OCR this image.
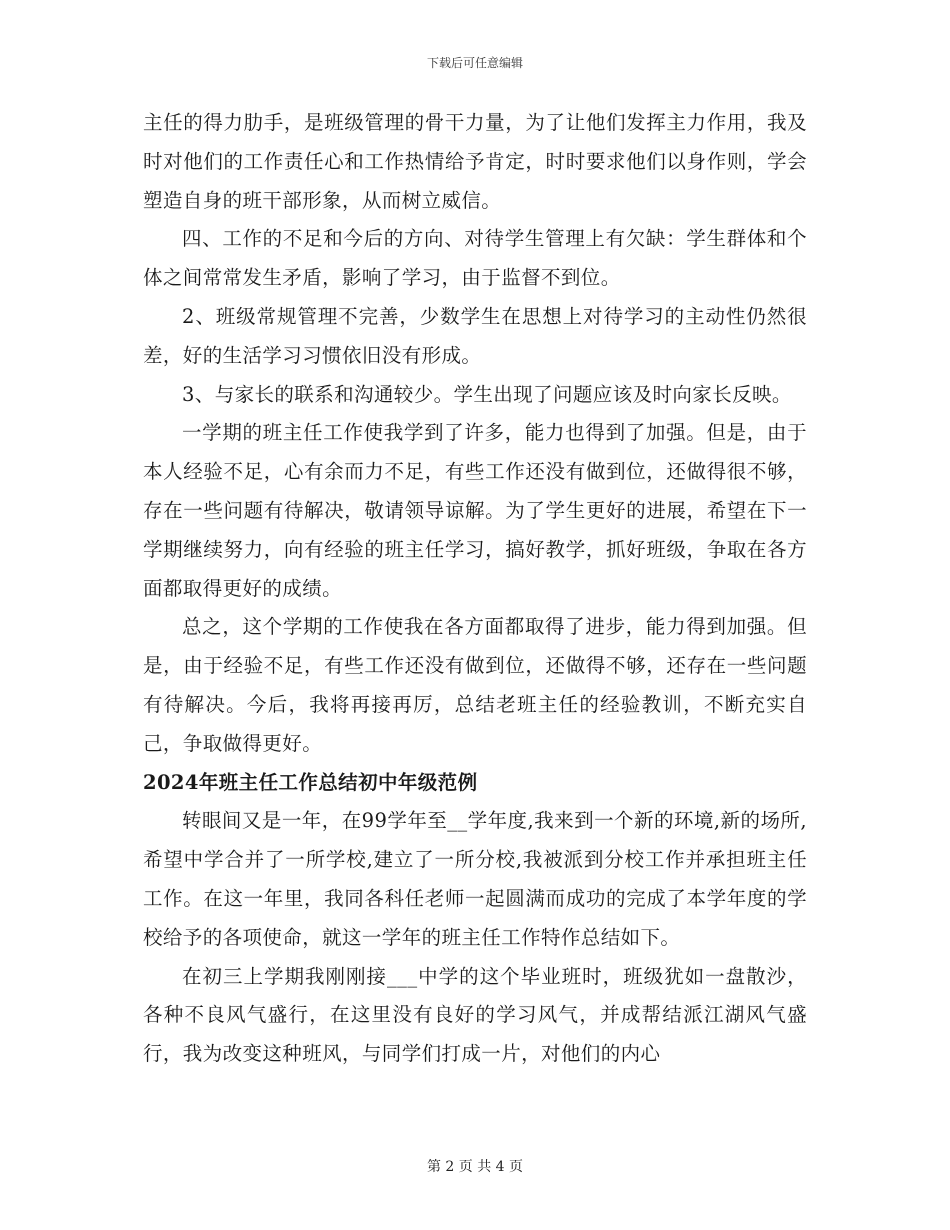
下载后可任意编辑

主任的得力肋手，是班级管理的骨干力量，为了让他们发挥主力作用，我及时对他们的工作责任心和工作热情给予肯定，时时要求他们以身作则，学会塑造自身的班干部形象，从而树立威信。

四、工作的不足和今后的方向、对待学生管理上有欠缺：学生群体和个体之间常常发生矛盾，影响了学习，由于监督不到位。

2、班级常规管理不完善，少数学生在思想上对待学习的主动性仍然很差，好的生活学习习惯依旧没有形成。

3、与家长的联系和沟通较少。学生出现了问题应该及时向家长反映。

一学期的班主任工作使我学到了许多，能力也得到了加强。但是，由于本人经验不足，心有余而力不足，有些工作还没有做到位，还做得很不够，存在一些问题有待解决，敬请领导谅解。为了学生更好的进展，希望在下一学期继续努力，向有经验的班主任学习，搞好教学，抓好班级，争取在各方面都取得更好的成绩。

总之，这个学期的工作使我在各方面都取得了进步，能力得到加强。但是，由于经验不足，有些工作还没有做到位，还做得不够，还存在一些问题有待解决。今后，我将再接再厉，总结老班主任的经验教训，不断充实自己，争取做得更好。

2024年班主任工作总结初中年级范例

转眼间又是一年，在99学年至__学年度,我来到一个新的环境,新的场所,希望中学合并了一所学校,建立了一所分校,我被派到分校工作并承担班主任工作。在这一年里，我同各科任老师一起圆满而成功的完成了本学年度的学校给予的各项使命，就这一学年的班主任工作特作总结如下。

在初三上学期我刚刚接___中学的这个毕业班时，班级犹如一盘散沙，各种不良风气盛行，在这里没有良好的学习风气，并成帮结派江湖风气盛行，我为改变这种班风，与同学们打成一片，对他们的内心

第 2 页 共 4 页
